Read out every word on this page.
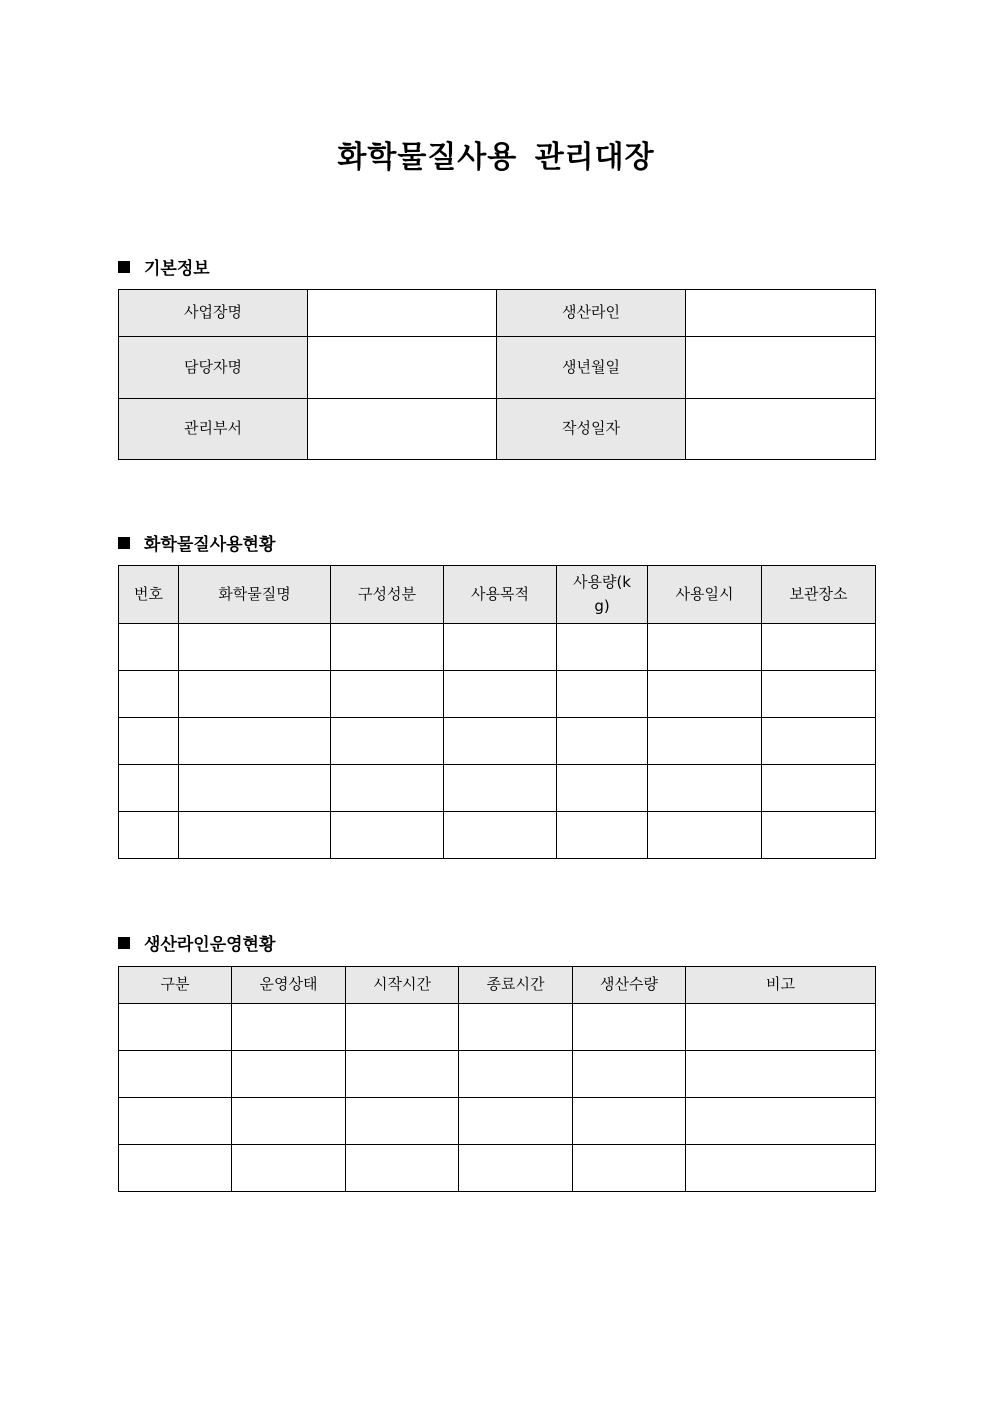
화학물질사용 관리대장
기본정보
사업장명		생산라인	
담당자명		생년월일	
관리부서		작성일자	
화학물질사용현황
번호	화학물질명	구성성분	사용목적	사용량(kg)	사용일시	보관장소

생산라인운영현황
구분	운영상태	시작시간	종료시간	생산수량	비고
